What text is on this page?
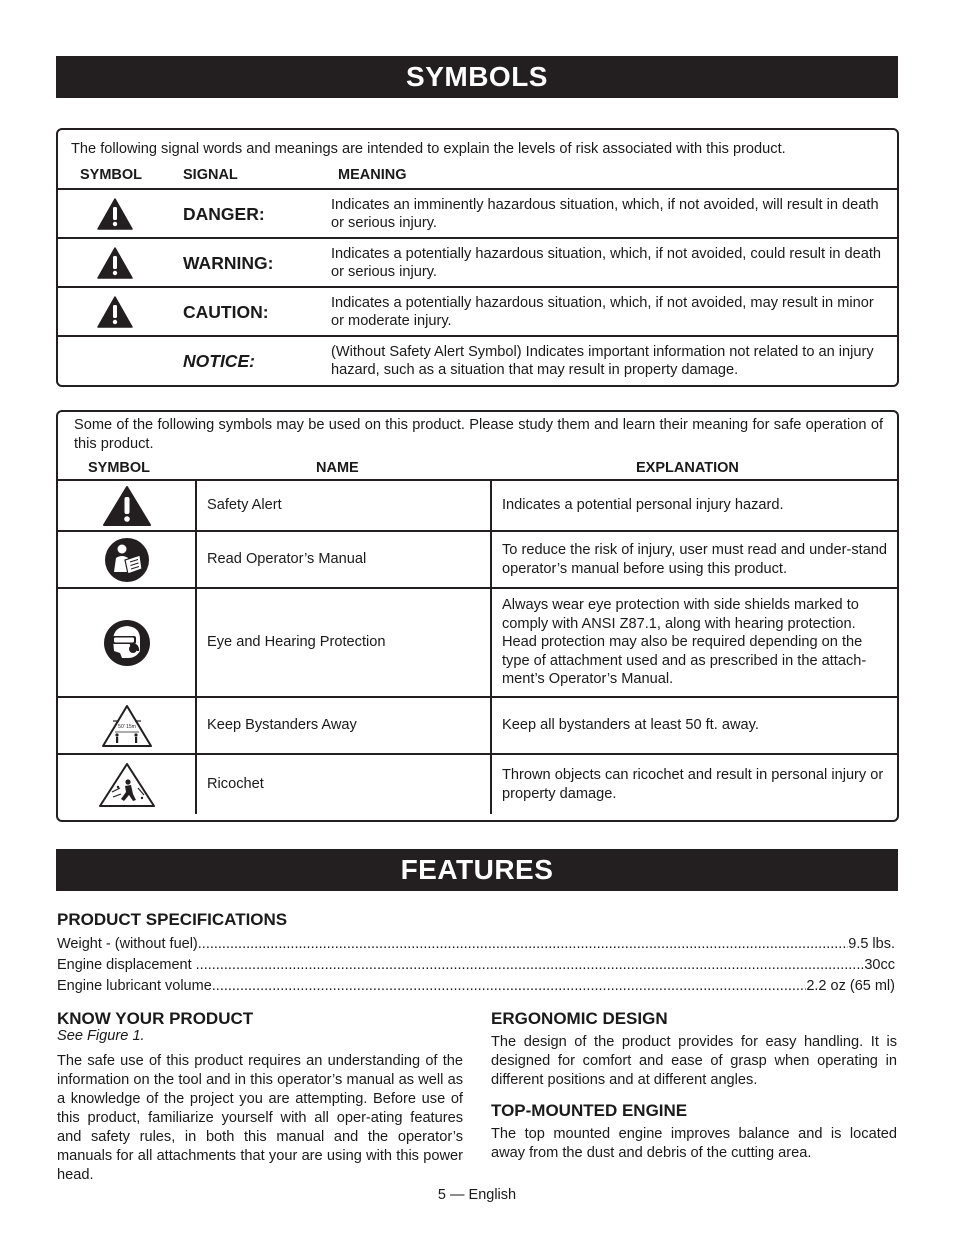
SYMBOLS
The following signal words and meanings are intended to explain the levels of risk associated with this product.
SYMBOL	SIGNAL	MEANING
DANGER:	Indicates an imminently hazardous situation, which, if not avoided, will result in death or serious injury.
WARNING:	Indicates a potentially hazardous situation, which, if not avoided, could result in death or serious injury.
CAUTION:	Indicates a potentially hazardous situation, which, if not avoided, may result in minor or moderate injury.
NOTICE:	(Without Safety Alert Symbol) Indicates important information not related to an injury hazard, such as a situation that may result in property damage.
Some of the following symbols may be used on this product. Please study them and learn their meaning for safe operation of this product.
SYMBOL	NAME	EXPLANATION
	Safety Alert	Indicates a potential personal injury hazard.
	Read Operator’s Manual	To reduce the risk of injury, user must read and under-stand operator’s manual before using this product.
	Eye and Hearing Protection	Always wear eye protection with side shields marked to comply with ANSI Z87.1, along with hearing protection. Head protection may also be required depending on the type of attachment used and as prescribed in the attach-ment’s Operator’s Manual.

50' 15m	Keep Bystanders Away	Keep all bystanders at least 50 ft. away.
	Ricochet	Thrown objects can ricochet and result in personal injury or property damage.
FEATURES
PRODUCT SPECIFICATIONS
Weight - (without fuel) .....	9.5 lbs.
Engine displacement .....	30cc
Engine lubricant volume .....	2.2 oz (65 ml)
KNOW YOUR PRODUCT
See Figure 1.
The safe use of this product requires an understanding of the information on the tool and in this operator’s manual as well as a knowledge of the project you are attempting. Before use of this product, familiarize yourself with all oper-ating features and safety rules, in both this manual and the operator’s manuals for all attachments that your are using with this power head.
ERGONOMIC DESIGN
The design of the product provides for easy handling. It is designed for comfort and ease of grasp when operating in different positions and at different angles.
TOP-MOUNTED ENGINE
The top mounted engine improves balance and is located away from the dust and debris of the cutting area.
5 — English
